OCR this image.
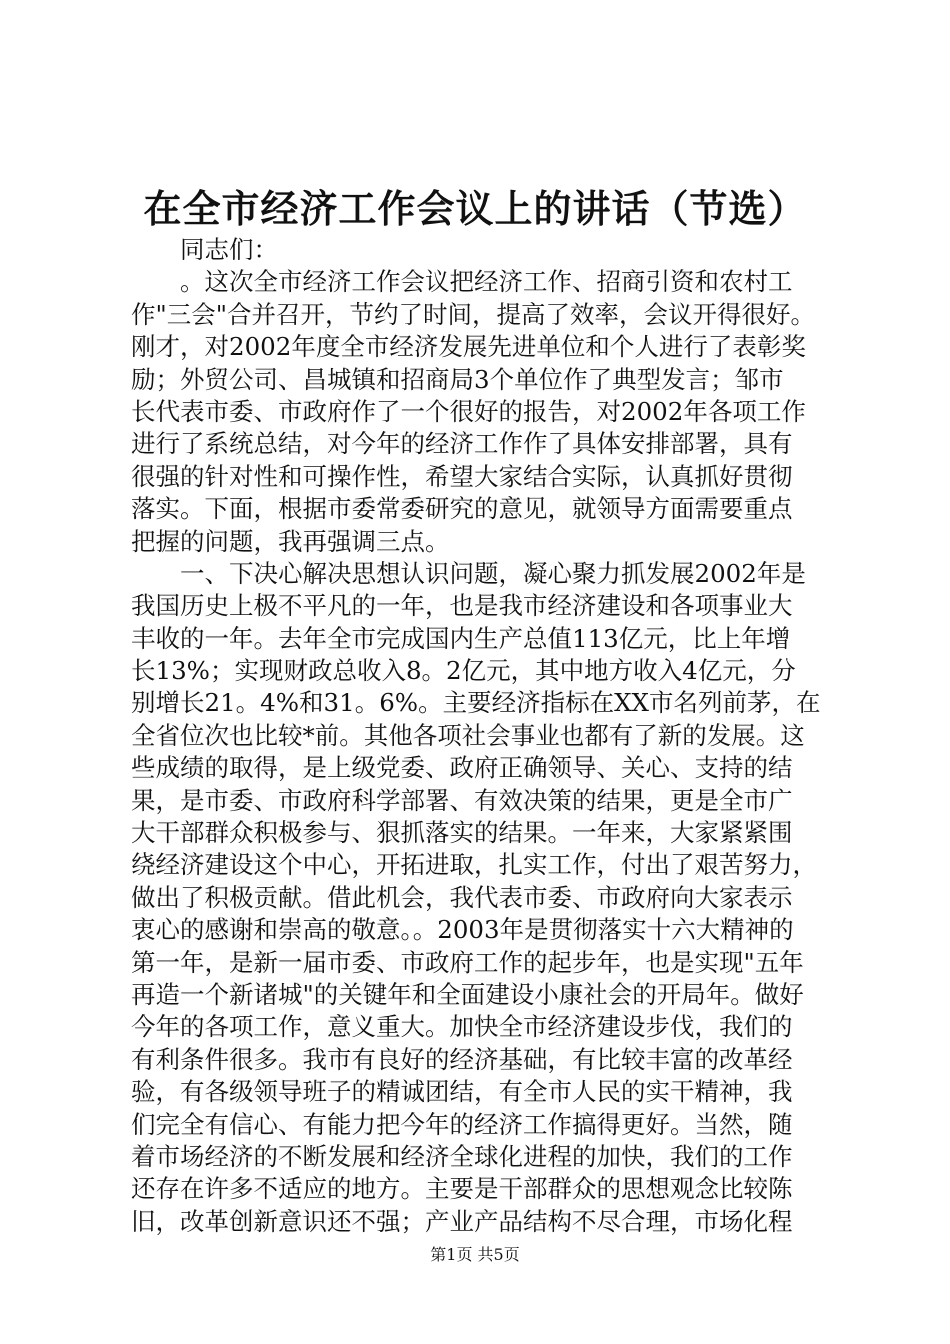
在全市经济工作会议上的讲话（节选）
同志们：
。这次全市经济工作会议把经济工作、招商引资和农村工
作"三会"合并召开，节约了时间，提高了效率，会议开得很好。
刚才，对2002年度全市经济发展先进单位和个人进行了表彰奖
励；外贸公司、昌城镇和招商局3个单位作了典型发言；邹市
长代表市委、市政府作了一个很好的报告，对2002年各项工作
进行了系统总结，对今年的经济工作作了具体安排部署，具有
很强的针对性和可操作性，希望大家结合实际，认真抓好贯彻
落实。下面，根据市委常委研究的意见，就领导方面需要重点
把握的问题，我再强调三点。
一、下决心解决思想认识问题，凝心聚力抓发展2002年是
我国历史上极不平凡的一年，也是我市经济建设和各项事业大
丰收的一年。去年全市完成国内生产总值113亿元，比上年增
长13%；实现财政总收入8。2亿元，其中地方收入4亿元，分
别增长21。4%和31。6%。主要经济指标在XX市名列前茅，在
全省位次也比较*前。其他各项社会事业也都有了新的发展。这
些成绩的取得，是上级党委、政府正确领导、关心、支持的结
果，是市委、市政府科学部署、有效决策的结果，更是全市广
大干部群众积极参与、狠抓落实的结果。一年来，大家紧紧围
绕经济建设这个中心，开拓进取，扎实工作，付出了艰苦努力，
做出了积极贡献。借此机会，我代表市委、市政府向大家表示
衷心的感谢和崇高的敬意。。2003年是贯彻落实十六大精神的
第一年，是新一届市委、市政府工作的起步年，也是实现"五年
再造一个新诸城"的关键年和全面建设小康社会的开局年。做好
今年的各项工作，意义重大。加快全市经济建设步伐，我们的
有利条件很多。我市有良好的经济基础，有比较丰富的改革经
验，有各级领导班子的精诚团结，有全市人民的实干精神，我
们完全有信心、有能力把今年的经济工作搞得更好。当然，随
着市场经济的不断发展和经济全球化进程的加快，我们的工作
还存在许多不适应的地方。主要是干部群众的思想观念比较陈
旧，改革创新意识还不强；产业产品结构不尽合理，市场化程
第1页 共5页
